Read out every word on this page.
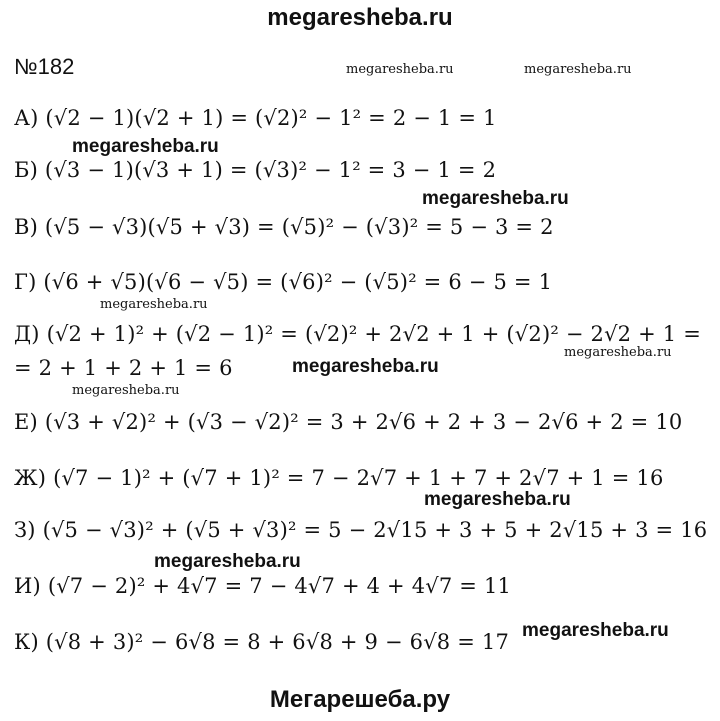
megaresheba.ru
№182	megaresheba.ru	megaresheba.ru
megaresheba.ru
megaresheba.ru
megaresheba.ru
megaresheba.ru
megaresheba.ru
megaresheba.ru
megaresheba.ru
megaresheba.ru
megaresheba.ru
А) (√2 − 1)(√2 + 1) = (√2)² − 1² = 2 − 1 = 1
Б) (√3 − 1)(√3 + 1) = (√3)² − 1² = 3 − 1 = 2
В) (√5 − √3)(√5 + √3) = (√5)² − (√3)² = 5 − 3 = 2
Г) (√6 + √5)(√6 − √5) = (√6)² − (√5)² = 6 − 5 = 1
Д) (√2 + 1)² + (√2 − 1)² = (√2)² + 2√2 + 1 + (√2)² − 2√2 + 1 =
= 2 + 1 + 2 + 1 = 6
Е) (√3 + √2)² + (√3 − √2)² = 3 + 2√6 + 2 + 3 − 2√6 + 2 = 10
Ж) (√7 − 1)² + (√7 + 1)² = 7 − 2√7 + 1 + 7 + 2√7 + 1 = 16
З) (√5 − √3)² + (√5 + √3)² = 5 − 2√15 + 3 + 5 + 2√15 + 3 = 16
И) (√7 − 2)² + 4√7 = 7 − 4√7 + 4 + 4√7 = 11
К) (√8 + 3)² − 6√8 = 8 + 6√8 + 9 − 6√8 = 17
Мегарешеба.ру
